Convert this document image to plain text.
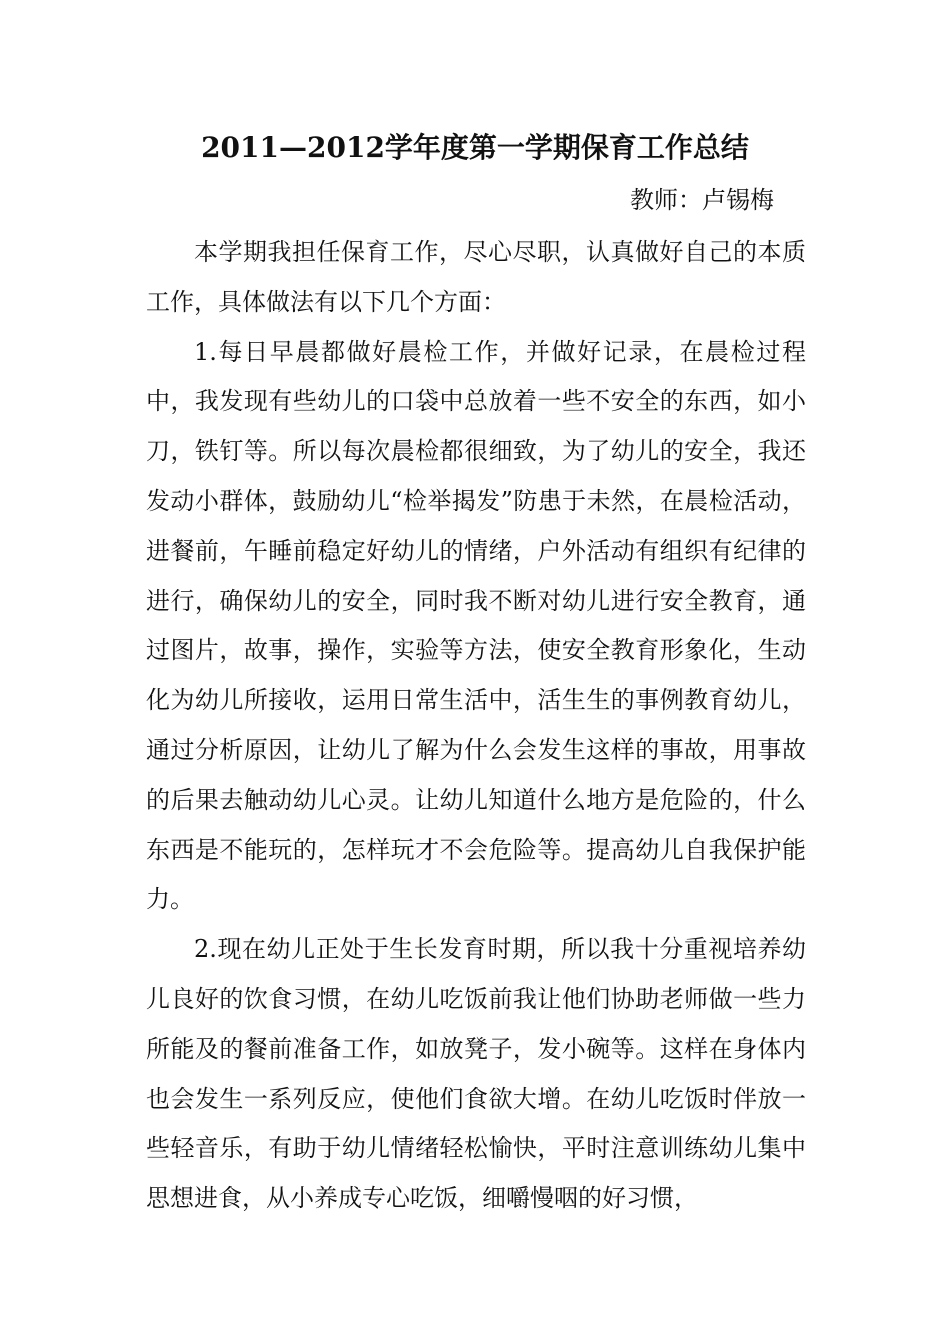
2011—2012学年度第一学期保育工作总结
教师：卢锡梅

本学期我担任保育工作，尽心尽职，认真做好自己的本质工作，具体做法有以下几个方面：

1.每日早晨都做好晨检工作，并做好记录，在晨检过程中，我发现有些幼儿的口袋中总放着一些不安全的东西，如小刀，铁钉等。所以每次晨检都很细致，为了幼儿的安全，我还发动小群体，鼓励幼儿“检举揭发”防患于未然，在晨检活动，进餐前，午睡前稳定好幼儿的情绪，户外活动有组织有纪律的进行，确保幼儿的安全，同时我不断对幼儿进行安全教育，通过图片，故事，操作，实验等方法，使安全教育形象化，生动化为幼儿所接收，运用日常生活中，活生生的事例教育幼儿，通过分析原因，让幼儿了解为什么会发生这样的事故，用事故的后果去触动幼儿心灵。让幼儿知道什么地方是危险的，什么东西是不能玩的，怎样玩才不会危险等。提高幼儿自我保护能力。

2.现在幼儿正处于生长发育时期，所以我十分重视培养幼儿良好的饮食习惯，在幼儿吃饭前我让他们协助老师做一些力所能及的餐前准备工作，如放凳子，发小碗等。这样在身体内也会发生一系列反应，使他们食欲大增。在幼儿吃饭时伴放一些轻音乐，有助于幼儿情绪轻松愉快，平时注意训练幼儿集中思想进食，从小养成专心吃饭，细嚼慢咽的好习惯，
